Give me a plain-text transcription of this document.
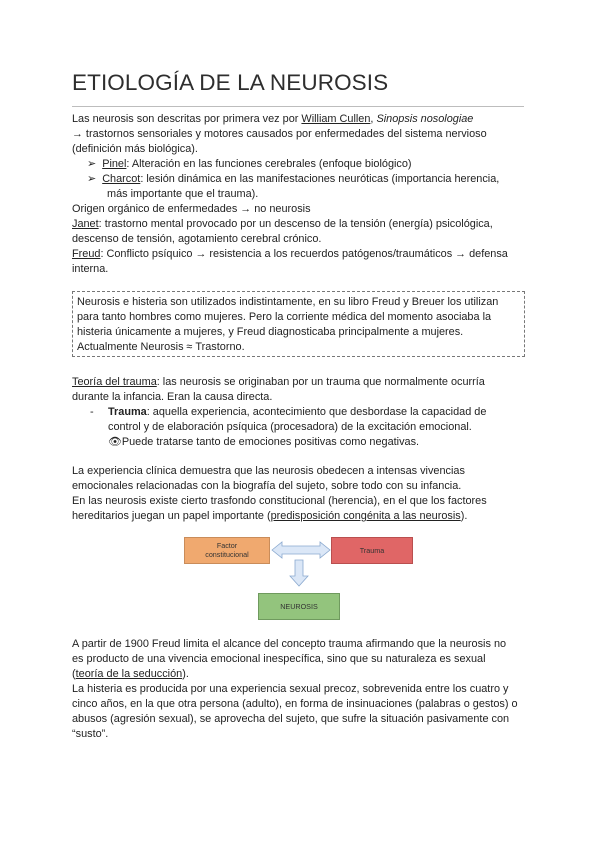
ETIOLOGÍA DE LA NEUROSIS

Las neurosis son descritas por primera vez por William Cullen, Sinopsis nosologiae

→ trastornos sensoriales y motores causados por enfermedades del sistema nervioso

(definición más biológica).

➢  Pinel: Alteración en las funciones cerebrales (enfoque biológico)

➢  Charcot: lesión dinámica en las manifestaciones neuróticas (importancia herencia,

más importante que el trauma).

Origen orgánico de enfermedades → no neurosis

Janet: trastorno mental provocado por un descenso de la tensión (energía) psicológica,

descenso de tensión, agotamiento cerebral crónico.

Freud: Conflicto psíquico → resistencia a los recuerdos patógenos/traumáticos → defensa

interna.

Neurosis e histeria son utilizados indistintamente, en su libro Freud y Breuer los utilizan

para tanto hombres como mujeres. Pero la corriente médica del momento asociaba la

histeria únicamente a mujeres, y Freud diagnosticaba principalmente a mujeres.

Actualmente Neurosis ≈ Trastorno.

Teoría del trauma: las neurosis se originaban por un trauma que normalmente ocurría

durante la infancia. Eran la causa directa.

- Trauma: aquella experiencia, acontecimiento que desbordase la capacidad de

control y de elaboración psíquica (procesadora) de la excitación emocional.

👁Puede tratarse tanto de emociones positivas como negativas.

La experiencia clínica demuestra que las neurosis obedecen a intensas vivencias

emocionales relacionadas con la biografía del sujeto, sobre todo con su infancia.

En las neurosis existe cierto trasfondo constitucional (herencia), en el que los factores

hereditarios juegan un papel importante (predisposición congénita a las neurosis).

Factor
constitucional	Trauma
NEUROSIS

A partir de 1900 Freud limita el alcance del concepto trauma afirmando que la neurosis no

es producto de una vivencia emocional inespecífica, sino que su naturaleza es sexual

(teoría de la seducción).

La histeria es producida por una experiencia sexual precoz, sobrevenida entre los cuatro y

cinco años, en la que otra persona (adulto), en forma de insinuaciones (palabras o gestos) o

abusos (agresión sexual), se aprovecha del sujeto, que sufre la situación pasivamente con

“susto”.
